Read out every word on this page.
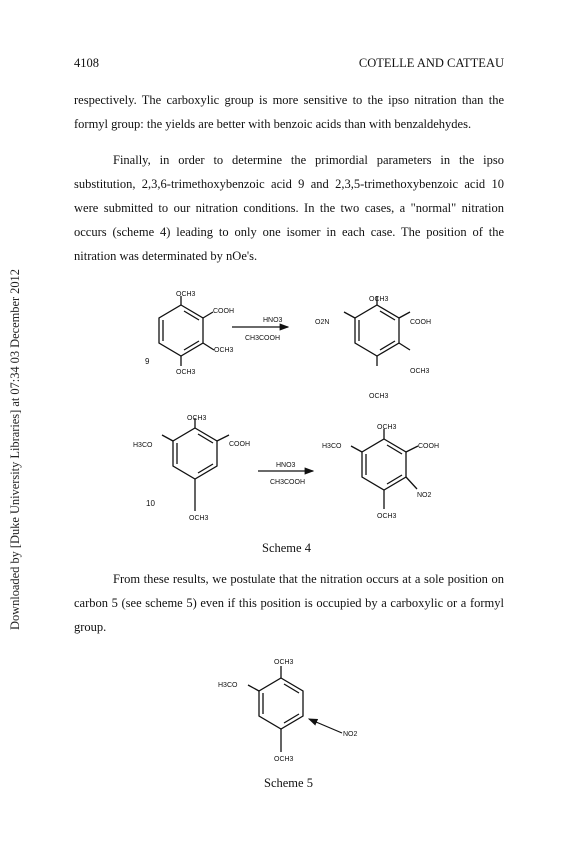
Downloaded by [Duke University Libraries] at 07:34 03 December 2012
4108	COTELLE AND CATTEAU
respectively. The carboxylic group is more sensitive to the ipso nitration than the formyl group: the yields are better with benzoic acids than with benzaldehydes.
Finally, in order to determine the primordial parameters in the ipso substitution, 2,3,6-trimethoxybenzoic acid 9 and 2,3,5-trimethoxybenzoic acid 10 were submitted to our nitration conditions. In the two cases, a "normal" nitration occurs (scheme 4) leading to only one isomer in each case. The position of the nitration was determinated by nOe's.
OCH3
COOH
OCH3
OCH3
9
HNO3
CH3COOH
OCH3
O2N	COOH
OCH3
OCH3
OCH3
H3CO	COOH
OCH3
10
HNO3
CH3COOH
OCH3
H3CO	COOH
NO2
OCH3
OCH3
H3CO
OCH3
NO2
Scheme 4
From these results, we postulate that the nitration occurs at a sole position on carbon 5 (see scheme 5) even if this position is occupied by a carboxylic or a formyl group.
Scheme 5
